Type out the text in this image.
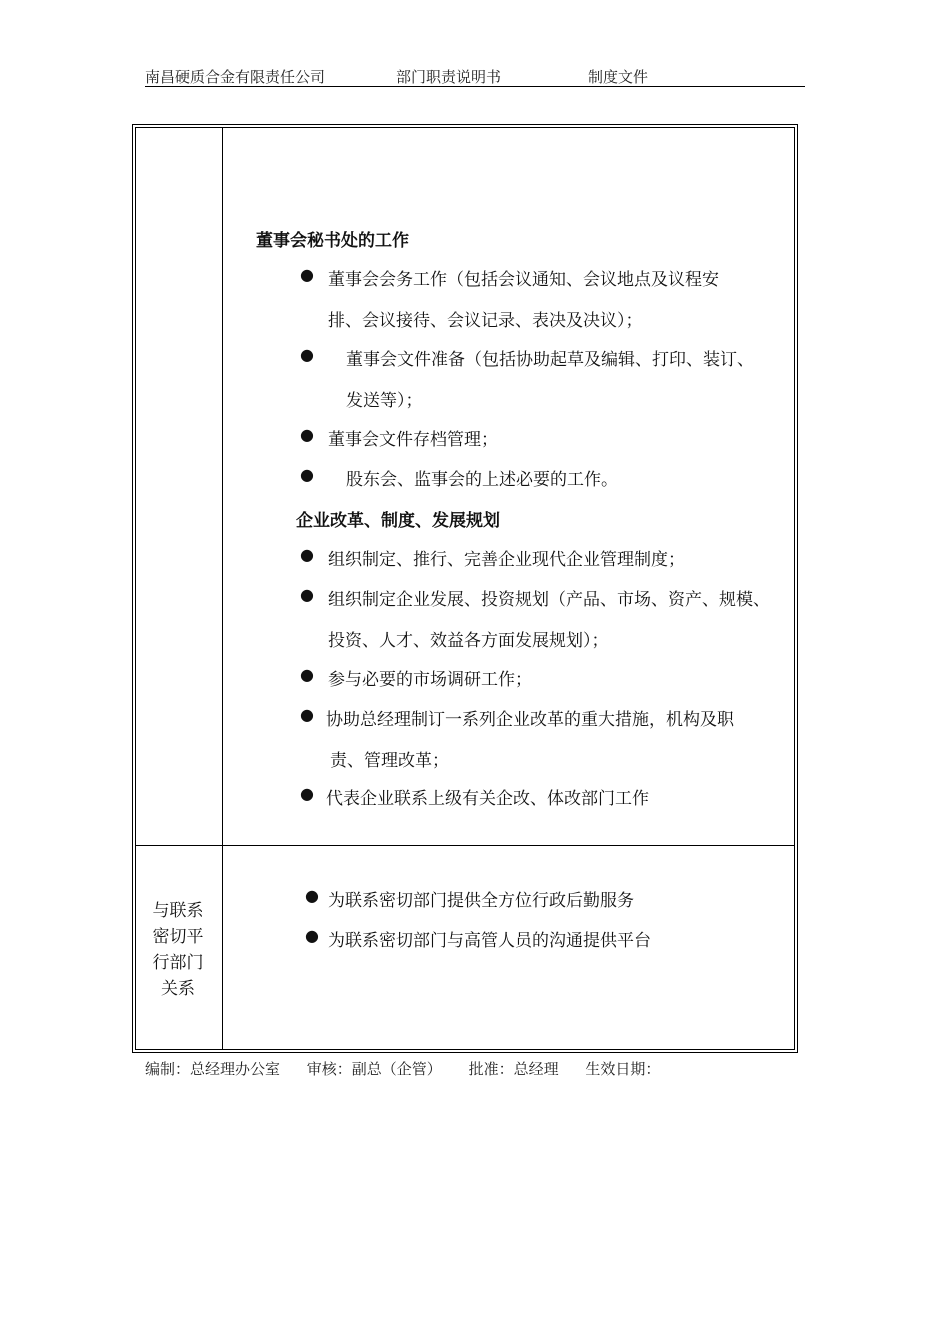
南昌硬质合金有限责任公司	部门职责说明书	制度文件
董事会秘书处的工作
● 董事会会务工作（包括会议通知、会议地点及议程安
排、会议接待、会议记录、表决及决议）；
● 董事会文件准备（包括协助起草及编辑、打印、装订、
发送等）；
● 董事会文件存档管理；
● 股东会、监事会的上述必要的工作。
企业改革、制度、发展规划
● 组织制定、推行、完善企业现代企业管理制度；
● 组织制定企业发展、投资规划（产品、市场、资产、规模、
投资、人才、效益各方面发展规划）；
● 参与必要的市场调研工作；
● 协助总经理制订一系列企业改革的重大措施，机构及职
责、管理改革；
● 代表企业联系上级有关企改、体改部门工作
与联系
密切平
行部门
关系
● 为联系密切部门提供全方位行政后勤服务
● 为联系密切部门与高管人员的沟通提供平台
编制：总经理办公室 审核：副总（企管） 批准：总经理 生效日期：
